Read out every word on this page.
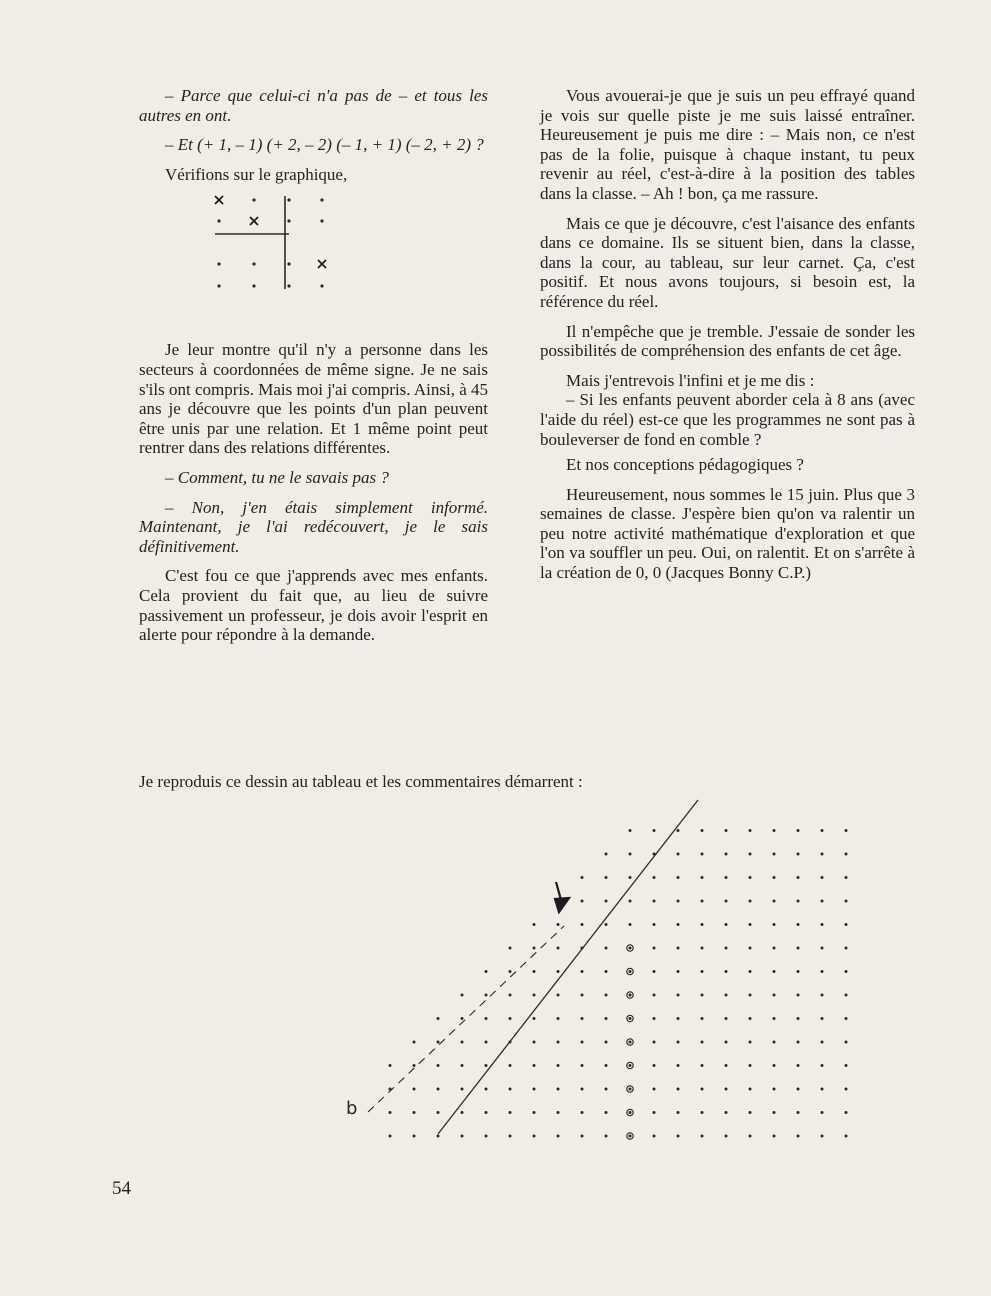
– Parce que celui-ci n'a pas de – et tous les autres en ont.

– Et (+ 1, – 1) (+ 2, – 2) (– 1, + 1) (– 2, + 2) ?

Vérifions sur le graphique,

Je leur montre qu'il n'y a personne dans les secteurs à coordonnées de même signe. Je ne sais s'ils ont compris. Mais moi j'ai compris. Ainsi, à 45 ans je découvre que les points d'un plan peuvent être unis par une relation. Et 1 même point peut rentrer dans des relations différentes.

– Comment, tu ne le savais pas ?

– Non, j'en étais simplement informé. Maintenant, je l'ai redécouvert, je le sais définitivement.

C'est fou ce que j'apprends avec mes enfants. Cela provient du fait que, au lieu de suivre passivement un professeur, je dois avoir l'esprit en alerte pour répondre à la demande.

Vous avouerai-je que je suis un peu effrayé quand je vois sur quelle piste je me suis laissé entraîner. Heureusement je puis me dire : – Mais non, ce n'est pas de la folie, puisque à chaque instant, tu peux revenir au réel, c'est-à-dire à la position des tables dans la classe. – Ah ! bon, ça me rassure.

Mais ce que je découvre, c'est l'aisance des enfants dans ce domaine. Ils se situent bien, dans la classe, dans la cour, au tableau, sur leur carnet. Ça, c'est positif. Et nous avons toujours, si besoin est, la référence du réel.

Il n'empêche que je tremble. J'essaie de sonder les possibilités de compréhension des enfants de cet âge.

Mais j'entrevois l'infini et je me dis :
– Si les enfants peuvent aborder cela à 8 ans (avec l'aide du réel) est-ce que les programmes ne sont pas à bouleverser de fond en comble ?

Et nos conceptions pédagogiques ?

Heureusement, nous sommes le 15 juin. Plus que 3 semaines de classe. J'espère bien qu'on va ralentir un peu notre activité mathématique d'exploration et que l'on va souffler un peu. Oui, on ralentit. Et on s'arrête à la création de 0, 0 (Jacques Bonny C.P.)

Je reproduis ce dessin au tableau et les commentaires démarrent :
b
54
